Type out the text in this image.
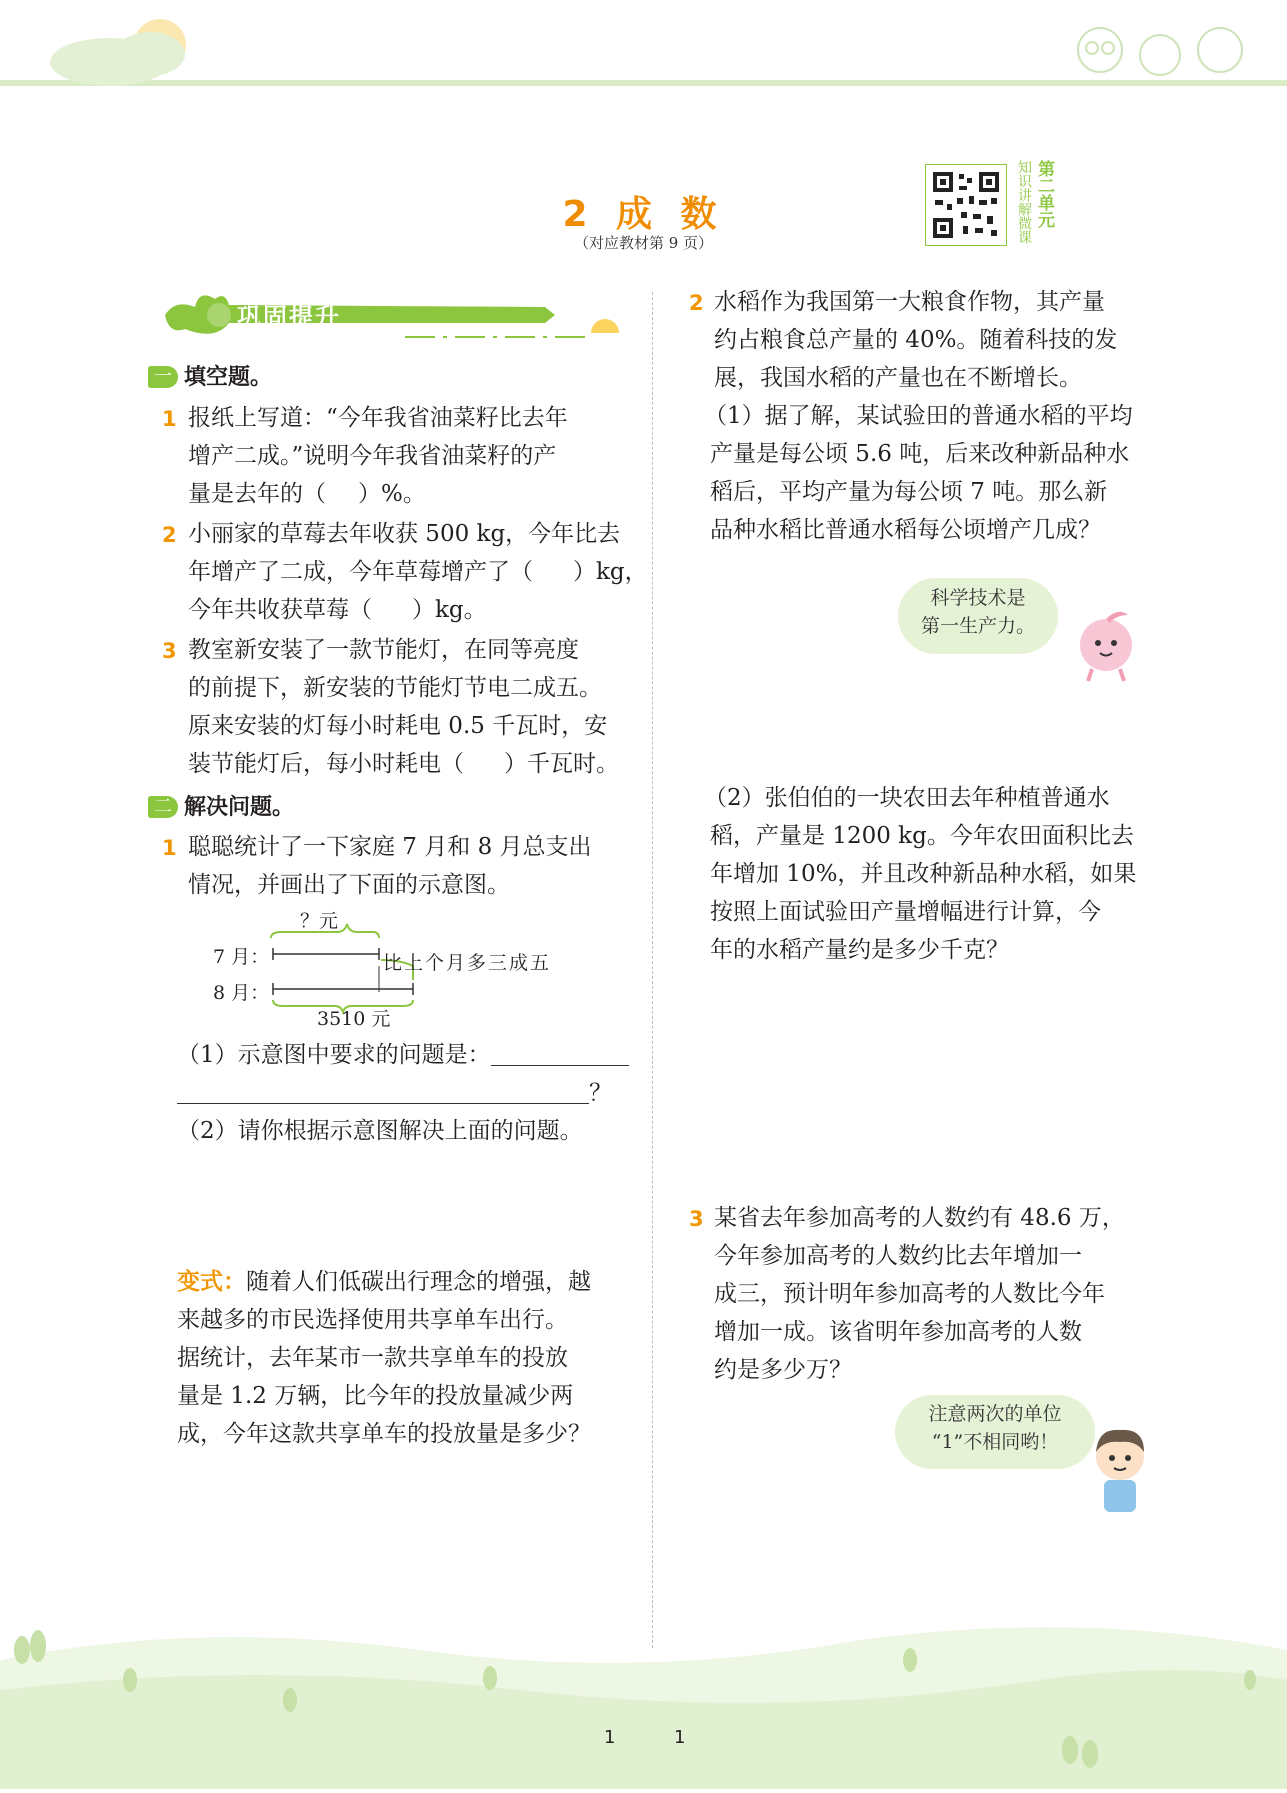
2 成 数
（对应教材第 9 页）	知识讲解微课 第二单元
巩固提升
一 填空题。
1 报纸上写道：“今年我省油菜籽比去年
增产二成。”说明今年我省油菜籽的产
量是去年的（ ）%。
2 小丽家的草莓去年收获 500 kg，今年比去
年增产了二成，今年草莓增产了（ ）kg，
今年共收获草莓（ ）kg。
3 教室新安装了一款节能灯，在同等亮度
的前提下，新安装的节能灯节电二成五。
原来安装的灯每小时耗电 0.5 千瓦时，安
装节能灯后，每小时耗电（ ）千瓦时。
二 解决问题。
1 聪聪统计了一下家庭 7 月和 8 月总支出
情况，并画出了下面的示意图。
？元
7 月：
8 月：
比上个月多三成五
3510 元
（1）示意图中要求的问题是：
？
（2）请你根据示意图解决上面的问题。
变式：随着人们低碳出行理念的增强，越
来越多的市民选择使用共享单车出行。
据统计，去年某市一款共享单车的投放
量是 1.2 万辆，比今年的投放量减少两
成，今年这款共享单车的投放量是多少？
2 水稻作为我国第一大粮食作物，其产量
约占粮食总产量的 40%。随着科技的发
展，我国水稻的产量也在不断增长。
（1）据了解，某试验田的普通水稻的平均
产量是每公顷 5.6 吨，后来改种新品种水
稻后，平均产量为每公顷 7 吨。那么新
品种水稻比普通水稻每公顷增产几成？
科学技术是
第一生产力。
（2）张伯伯的一块农田去年种植普通水
稻，产量是 1200 kg。今年农田面积比去
年增加 10%，并且改种新品种水稻，如果
按照上面试验田产量增幅进行计算，今
年的水稻产量约是多少千克？
3 某省去年参加高考的人数约有 48.6 万，
今年参加高考的人数约比去年增加一
成三，预计明年参加高考的人数比今年
增加一成。该省明年参加高考的人数
约是多少万？
注意两次的单位
“1”不相同哟！
1	1
